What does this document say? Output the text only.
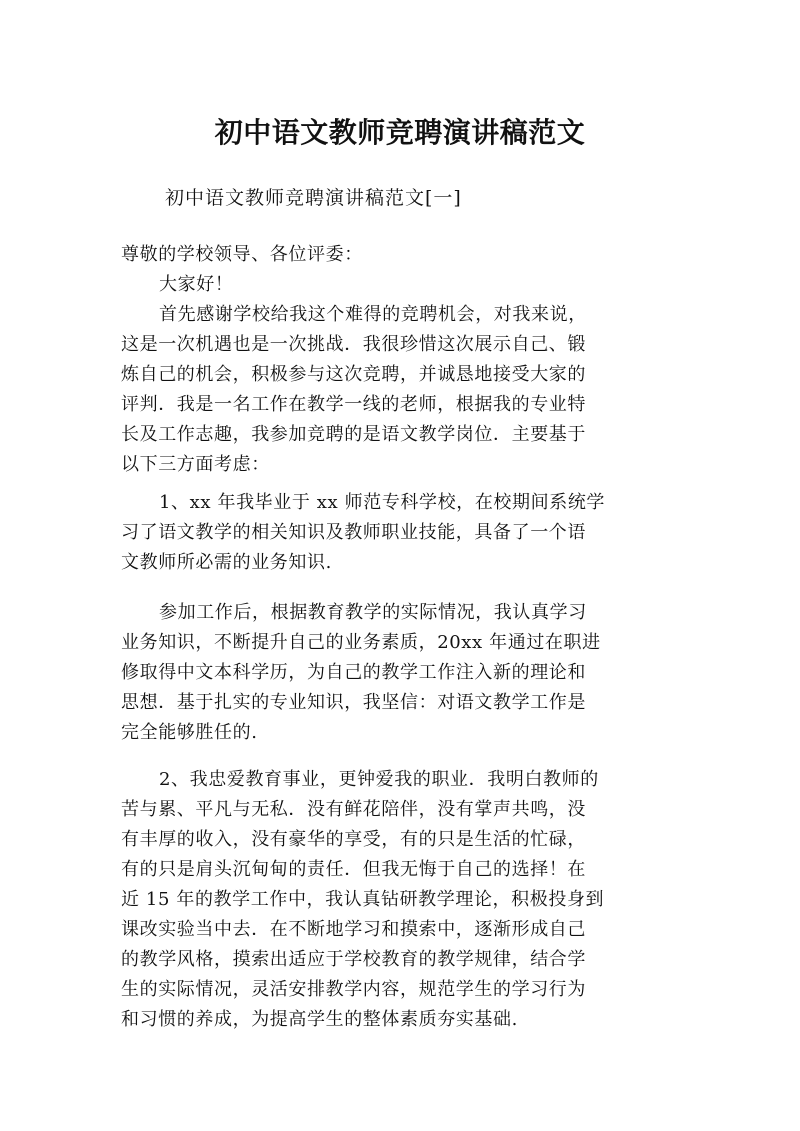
初中语文教师竞聘演讲稿范文
初中语文教师竞聘演讲稿范文[一]
尊敬的学校领导、各位评委：
大家好！
首先感谢学校给我这个难得的竞聘机会，对我来说，
这是一次机遇也是一次挑战．我很珍惜这次展示自己、锻
炼自己的机会，积极参与这次竞聘，并诚恳地接受大家的
评判．我是一名工作在教学一线的老师，根据我的专业特
长及工作志趣，我参加竞聘的是语文教学岗位．主要基于
以下三方面考虑：
1、xx 年我毕业于 xx 师范专科学校，在校期间系统学
习了语文教学的相关知识及教师职业技能，具备了一个语
文教师所必需的业务知识.
参加工作后，根据教育教学的实际情况，我认真学习
业务知识，不断提升自己的业务素质，20xx 年通过在职进
修取得中文本科学历，为自己的教学工作注入新的理论和
思想．基于扎实的专业知识，我坚信：对语文教学工作是
完全能够胜任的.
2、我忠爱教育事业，更钟爱我的职业．我明白教师的
苦与累、平凡与无私．没有鲜花陪伴，没有掌声共鸣，没
有丰厚的收入，没有豪华的享受，有的只是生活的忙碌，
有的只是肩头沉甸甸的责任．但我无悔于自己的选择！在
近 15 年的教学工作中，我认真钻研教学理论，积极投身到
课改实验当中去．在不断地学习和摸索中，逐渐形成自己
的教学风格，摸索出适应于学校教育的教学规律，结合学
生的实际情况，灵活安排教学内容，规范学生的学习行为
和习惯的养成，为提高学生的整体素质夯实基础.
